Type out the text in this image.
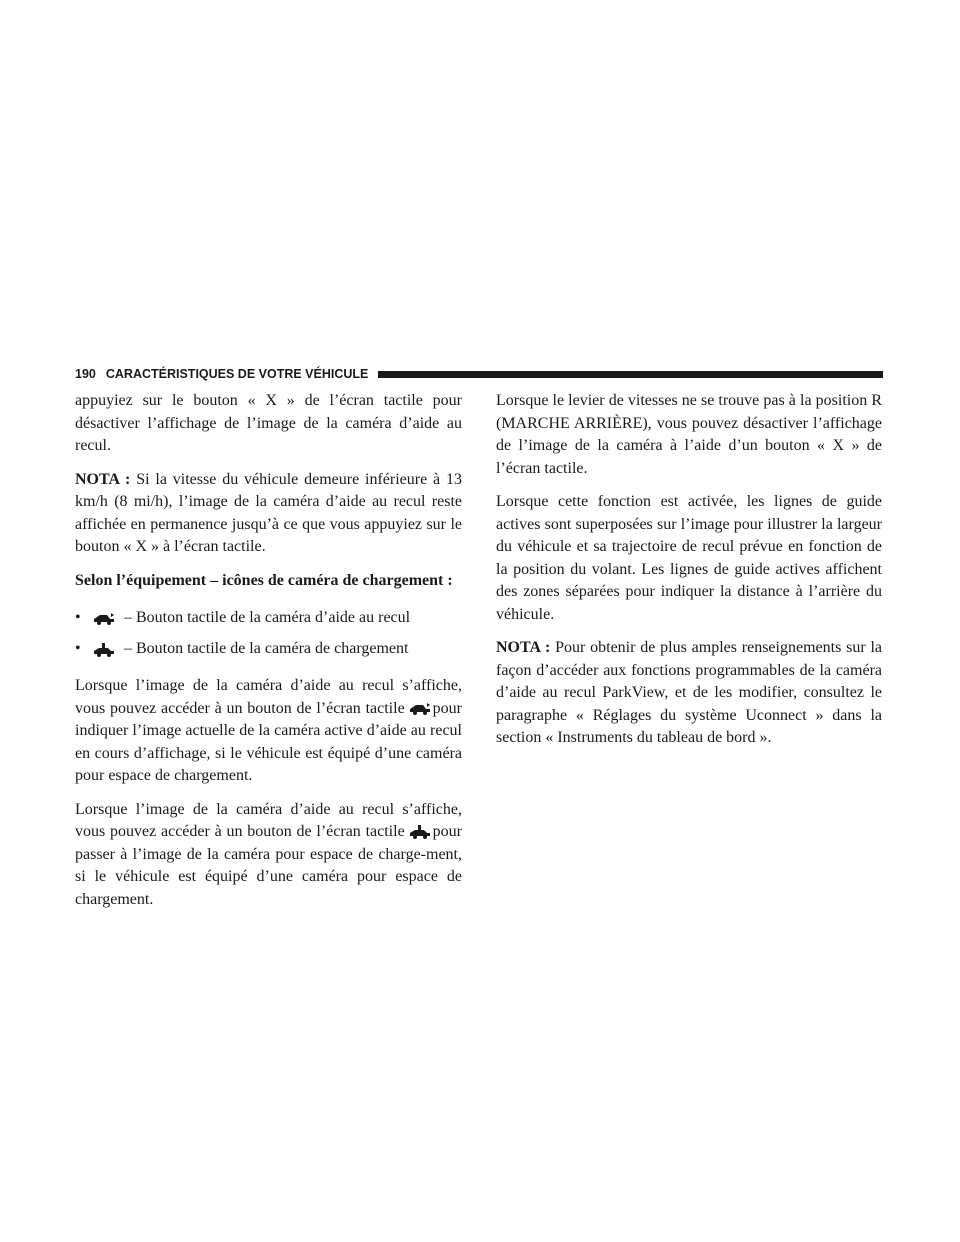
190 CARACTÉRISTIQUES DE VOTRE VÉHICULE

appuyiez sur le bouton « X » de l’écran tactile pour désactiver l’affichage de l’image de la caméra d’aide au recul.

NOTA : Si la vitesse du véhicule demeure inférieure à 13 km/h (8 mi/h), l’image de la caméra d’aide au recul reste affichée en permanence jusqu’à ce que vous appuyiez sur le bouton « X » à l’écran tactile.

Selon l’équipement – icônes de caméra de chargement :

•	– Bouton tactile de la caméra d’aide au recul
•	– Bouton tactile de la caméra de chargement

Lorsque l’image de la caméra d’aide au recul s’affiche, vous pouvez accéder à un bouton de l’écran tactile pour indiquer l’image actuelle de la caméra active d’aide au recul en cours d’affichage, si le véhicule est équipé d’une caméra pour espace de chargement.

Lorsque l’image de la caméra d’aide au recul s’affiche, vous pouvez accéder à un bouton de l’écran tactile pour passer à l’image de la caméra pour espace de charge-ment, si le véhicule est équipé d’une caméra pour espace de chargement.

Lorsque le levier de vitesses ne se trouve pas à la position R (MARCHE ARRIÈRE), vous pouvez désactiver l’affichage de l’image de la caméra à l’aide d’un bouton « X » de l’écran tactile.

Lorsque cette fonction est activée, les lignes de guide actives sont superposées sur l’image pour illustrer la largeur du véhicule et sa trajectoire de recul prévue en fonction de la position du volant. Les lignes de guide actives affichent des zones séparées pour indiquer la distance à l’arrière du véhicule.

NOTA : Pour obtenir de plus amples renseignements sur la façon d’accéder aux fonctions programmables de la caméra d’aide au recul ParkView, et de les modifier, consultez le paragraphe « Réglages du système Uconnect » dans la section « Instruments du tableau de bord ».
